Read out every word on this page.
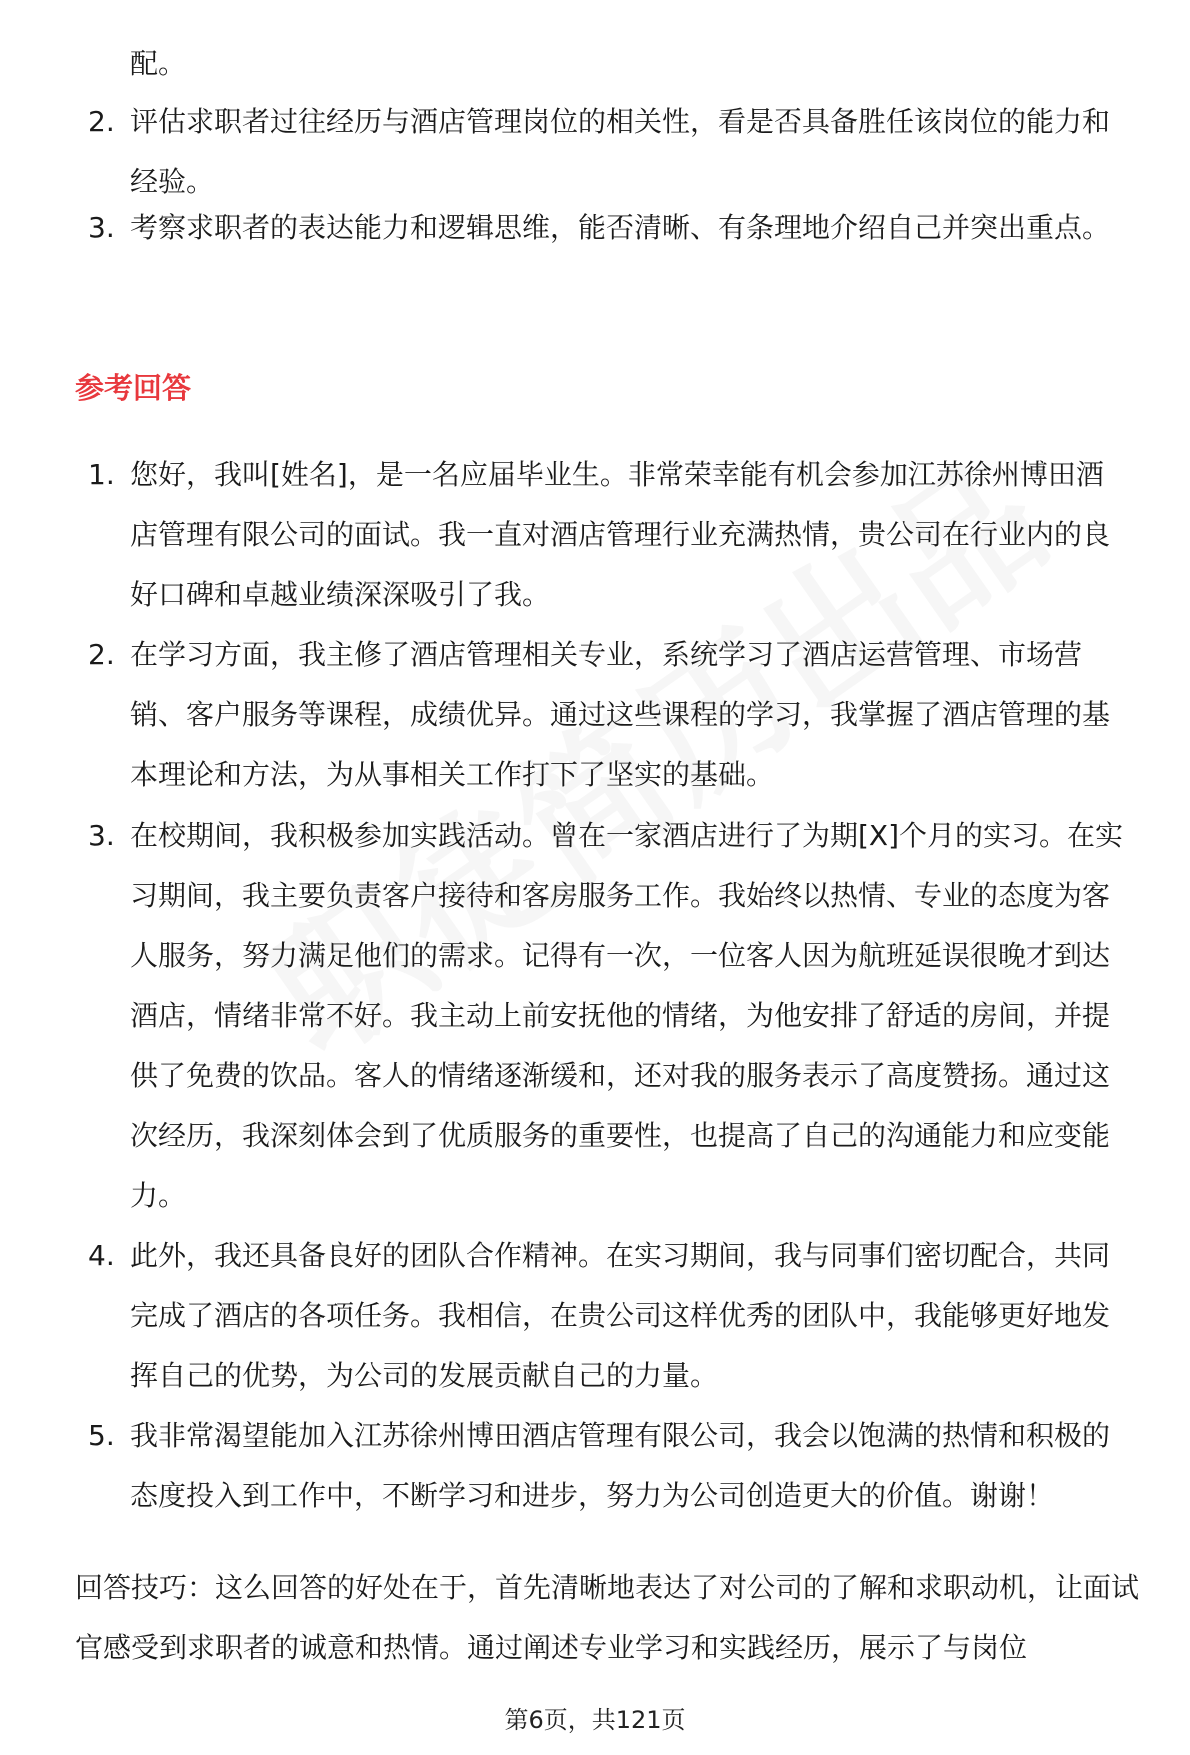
配。
2. 评估求职者过往经历与酒店管理岗位的相关性，看是否具备胜任该岗位的能力和经验。
3. 考察求职者的表达能力和逻辑思维，能否清晰、有条理地介绍自己并突出重点。
参考回答
1. 您好，我叫[姓名]，是一名应届毕业生。非常荣幸能有机会参加江苏徐州博田酒店管理有限公司的面试。我一直对酒店管理行业充满热情，贵公司在行业内的良好口碑和卓越业绩深深吸引了我。
2. 在学习方面，我主修了酒店管理相关专业，系统学习了酒店运营管理、市场营销、客户服务等课程，成绩优异。通过这些课程的学习，我掌握了酒店管理的基本理论和方法，为从事相关工作打下了坚实的基础。
3. 在校期间，我积极参加实践活动。曾在一家酒店进行了为期[X]个月的实习。在实习期间，我主要负责客户接待和客房服务工作。我始终以热情、专业的态度为客人服务，努力满足他们的需求。记得有一次，一位客人因为航班延误很晚才到达酒店，情绪非常不好。我主动上前安抚他的情绪，为他安排了舒适的房间，并提供了免费的饮品。客人的情绪逐渐缓和，还对我的服务表示了高度赞扬。通过这次经历，我深刻体会到了优质服务的重要性，也提高了自己的沟通能力和应变能力。
4. 此外，我还具备良好的团队合作精神。在实习期间，我与同事们密切配合，共同完成了酒店的各项任务。我相信，在贵公司这样优秀的团队中，我能够更好地发挥自己的优势，为公司的发展贡献自己的力量。
5. 我非常渴望能加入江苏徐州博田酒店管理有限公司，我会以饱满的热情和积极的态度投入到工作中，不断学习和进步，努力为公司创造更大的价值。谢谢！
回答技巧：这么回答的好处在于，首先清晰地表达了对公司的了解和求职动机，让面试官感受到求职者的诚意和热情。通过阐述专业学习和实践经历，展示了与岗位
第6页，共121页
